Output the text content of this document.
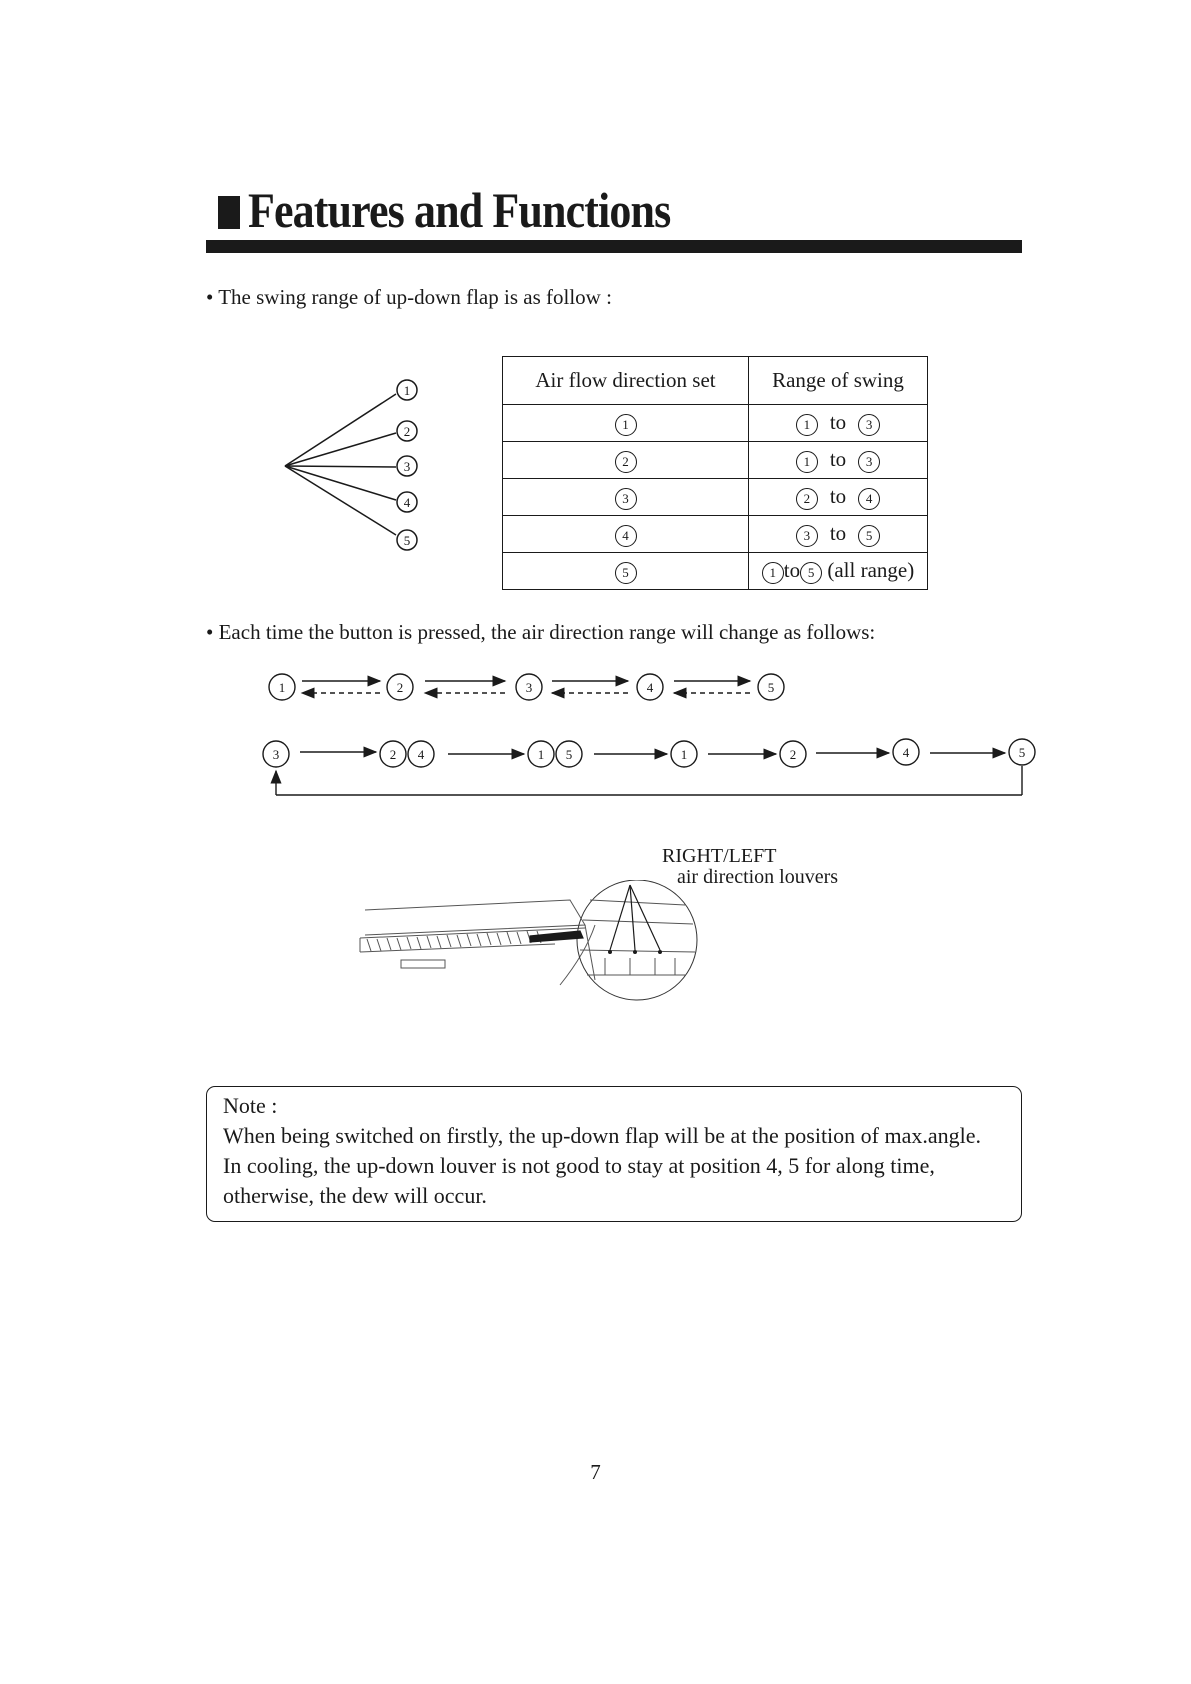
Features and Functions
• The swing range of up-down flap is as follow :
1
2
3
4
5
Air flow direction set	Range of swing
1	1 to 3
2	1 to 3
3	2 to 4
4	3 to 5
5	1 to 5 (all range)
• Each time the button is pressed, the air direction range will change as follows:
1	2	3	4	5
3	2 4	1 5	1	2	4	5
RIGHT/LEFT
air direction louvers
Note :
When being switched on firstly, the up-down flap will be at the position of max.angle.
In cooling, the up-down louver is not good to stay at position 4, 5 for along time,
otherwise, the dew will occur.
7
